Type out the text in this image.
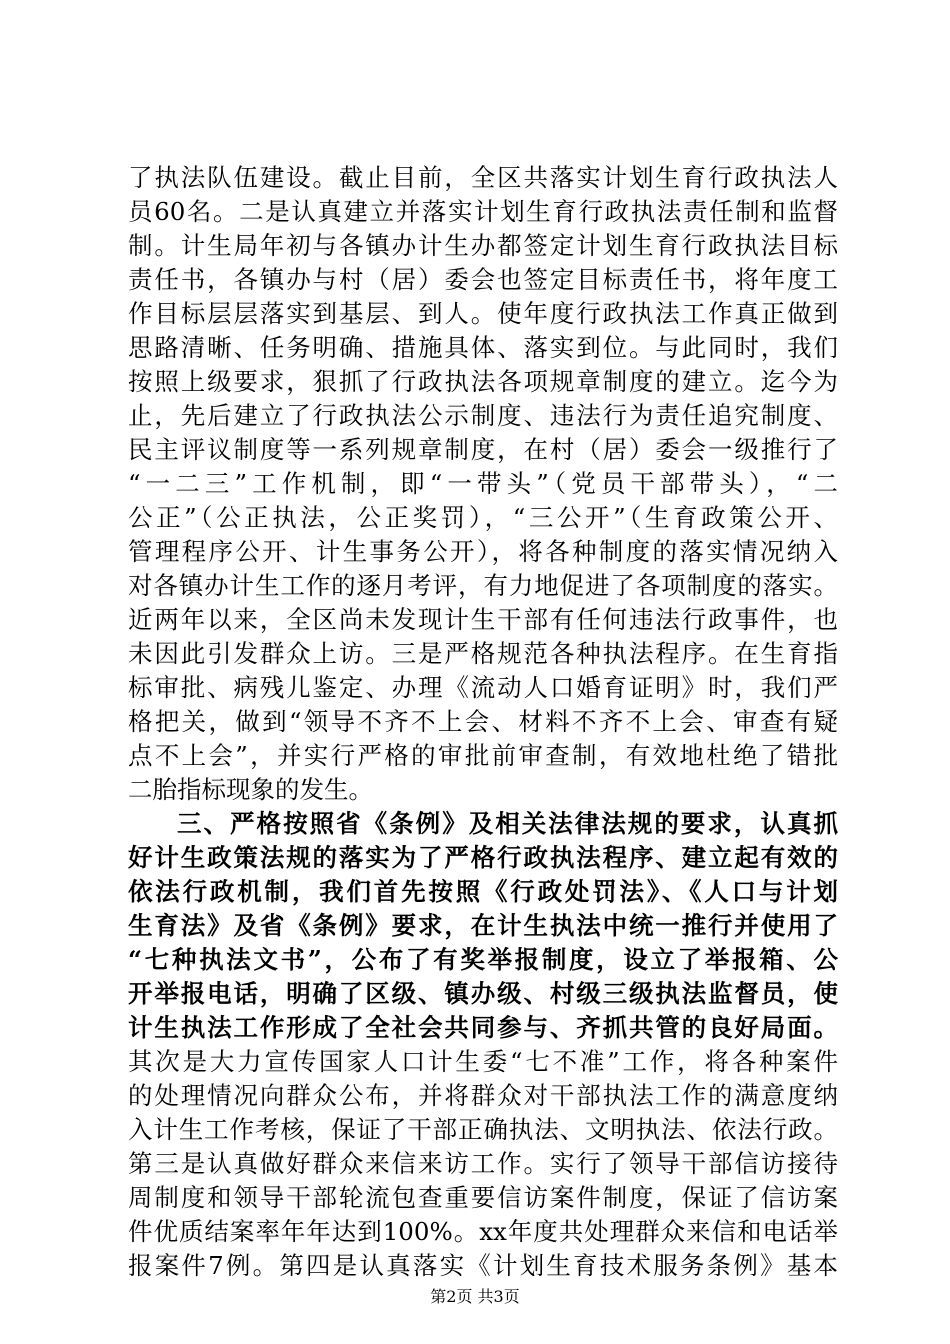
了执法队伍建设。截止目前，全区共落实计划生育行政执法人
员60名。二是认真建立并落实计划生育行政执法责任制和监督
制。计生局年初与各镇办计生办都签定计划生育行政执法目标
责任书，各镇办与村（居）委会也签定目标责任书，将年度工
作目标层层落实到基层、到人。使年度行政执法工作真正做到
思路清晰、任务明确、措施具体、落实到位。与此同时，我们
按照上级要求，狠抓了行政执法各项规章制度的建立。迄今为
止，先后建立了行政执法公示制度、违法行为责任追究制度、
民主评议制度等一系列规章制度，在村（居）委会一级推行了
“一二三”工作机制，即“一带头”（党员干部带头），“二
公正”（公正执法，公正奖罚），“三公开”（生育政策公开、
管理程序公开、计生事务公开），将各种制度的落实情况纳入
对各镇办计生工作的逐月考评，有力地促进了各项制度的落实。
近两年以来，全区尚未发现计生干部有任何违法行政事件，也
未因此引发群众上访。三是严格规范各种执法程序。在生育指
标审批、病残儿鉴定、办理《流动人口婚育证明》时，我们严
格把关，做到“领导不齐不上会、材料不齐不上会、审查有疑
点不上会”，并实行严格的审批前审查制，有效地杜绝了错批
二胎指标现象的发生。
三、严格按照省《条例》及相关法律法规的要求，认真抓
好计生政策法规的落实为了严格行政执法程序、建立起有效的
依法行政机制，我们首先按照《行政处罚法》、《人口与计划
生育法》及省《条例》要求，在计生执法中统一推行并使用了
“七种执法文书”，公布了有奖举报制度，设立了举报箱、公
开举报电话，明确了区级、镇办级、村级三级执法监督员，使
计生执法工作形成了全社会共同参与、齐抓共管的良好局面。
其次是大力宣传国家人口计生委“七不准”工作，将各种案件
的处理情况向群众公布，并将群众对干部执法工作的满意度纳
入计生工作考核，保证了干部正确执法、文明执法、依法行政。
第三是认真做好群众来信来访工作。实行了领导干部信访接待
周制度和领导干部轮流包查重要信访案件制度，保证了信访案
件优质结案率年年达到100%。xx年度共处理群众来信和电话举
报案件7例。第四是认真落实《计划生育技术服务条例》基本
第2页 共3页
